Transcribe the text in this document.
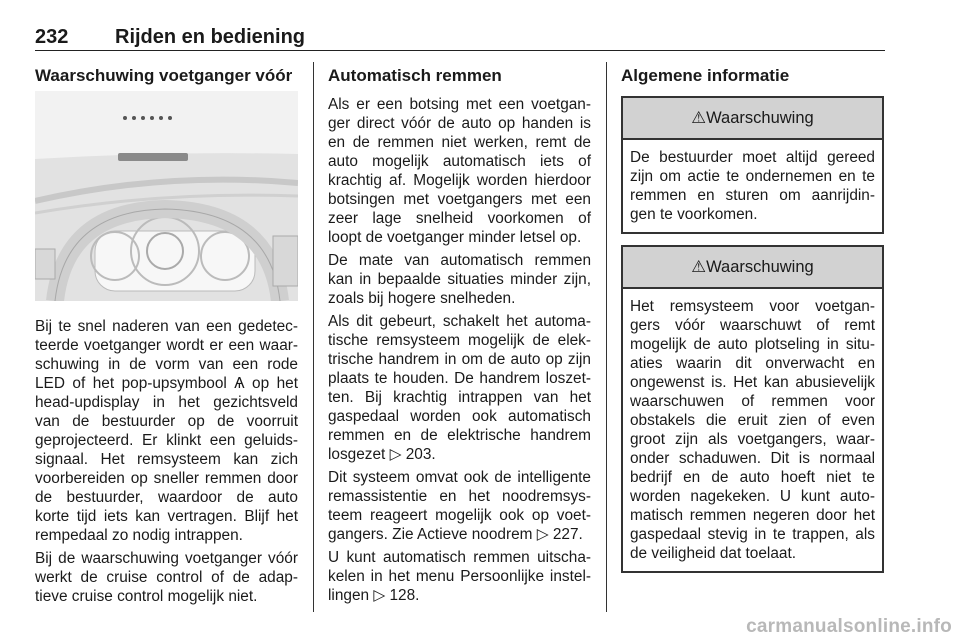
232 Rijden en bediening
Waarschuwing voetganger vóór
Bij te snel naderen van een gedetec-
teerde voetganger wordt er een waar-
schuwing in de vorm van een rode
LED of het pop-upsymbool Ѧ op het
head-updisplay in het gezichtsveld
van de bestuurder op de voorruit
geprojecteerd. Er klinkt een geluids-
signaal. Het remsysteem kan zich
voorbereiden op sneller remmen door
de bestuurder, waardoor de auto
korte tijd iets kan vertragen. Blijf het
rempedaal zo nodig intrappen.
Bij de waarschuwing voetganger vóór
werkt de cruise control of de adap-
tieve cruise control mogelijk niet.
Automatisch remmen
Als er een botsing met een voetgan-
ger direct vóór de auto op handen is
en de remmen niet werken, remt de
auto mogelijk automatisch iets of
krachtig af. Mogelijk worden hierdoor
botsingen met voetgangers met een
zeer lage snelheid voorkomen of
loopt de voetganger minder letsel op.
De mate van automatisch remmen
kan in bepaalde situaties minder zijn,
zoals bij hogere snelheden.
Als dit gebeurt, schakelt het automa-
tische remsysteem mogelijk de elek-
trische handrem in om de auto op zijn
plaats te houden. De handrem loszet-
ten. Bij krachtig intrappen van het
gaspedaal worden ook automatisch
remmen en de elektrische handrem
losgezet ▷ 203.
Dit systeem omvat ook de intelligente
remassistentie en het noodremsys-
teem reageert mogelijk ook op voet-
gangers. Zie Actieve noodrem ▷ 227.
U kunt automatisch remmen uitscha-
kelen in het menu Persoonlijke instel-
lingen ▷ 128.
Algemene informatie
⚠Waarschuwing
De bestuurder moet altijd gereed
zijn om actie te ondernemen en te
remmen en sturen om aanrijdin-
gen te voorkomen.
⚠Waarschuwing
Het remsysteem voor voetgan-
gers vóór waarschuwt of remt
mogelijk de auto plotseling in situ-
aties waarin dit onverwacht en
ongewenst is. Het kan abusievelijk
waarschuwen of remmen voor
obstakels die eruit zien of even
groot zijn als voetgangers, waar-
onder schaduwen. Dit is normaal
bedrijf en de auto hoeft niet te
worden nagekeken. U kunt auto-
matisch remmen negeren door het
gaspedaal stevig in te trappen, als
de veiligheid dat toelaat.
carmanualsonline.info
